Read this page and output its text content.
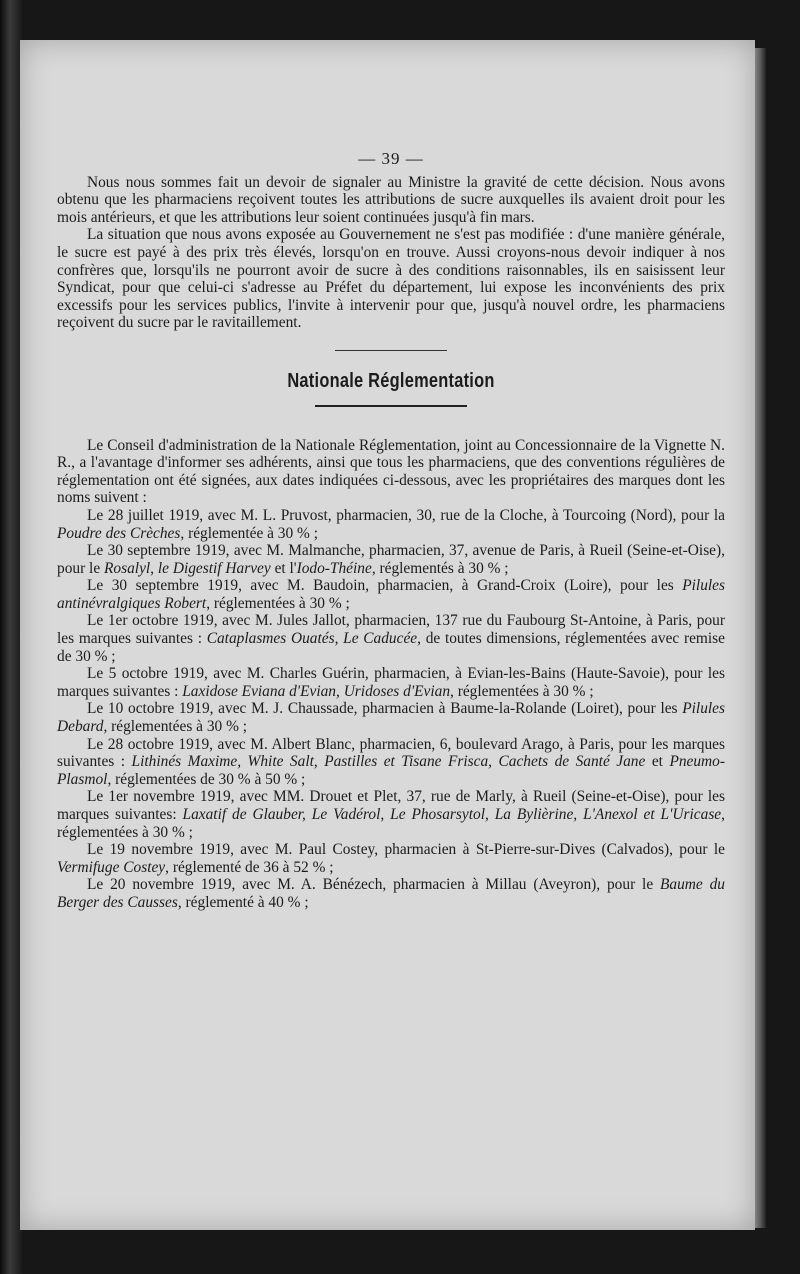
— 39 —

Nous nous sommes fait un devoir de signaler au Ministre la gravité de cette décision. Nous avons obtenu que les pharmaciens reçoivent toutes les attributions de sucre auxquelles ils avaient droit pour les mois antérieurs, et que les attributions leur soient continuées jusqu'à fin mars.

La situation que nous avons exposée au Gouvernement ne s'est pas modifiée : d'une manière générale, le sucre est payé à des prix très élevés, lorsqu'on en trouve. Aussi croyons-nous devoir indiquer à nos confrères que, lorsqu'ils ne pourront avoir de sucre à des conditions raisonnables, ils en saisissent leur Syndicat, pour que celui-ci s'adresse au Préfet du département, lui expose les inconvénients des prix excessifs pour les services publics, l'invite à intervenir pour que, jusqu'à nouvel ordre, les pharmaciens reçoivent du sucre par le ravitaillement.

Nationale Réglementation

Le Conseil d'administration de la Nationale Réglementation, joint au Concessionnaire de la Vignette N. R., a l'avantage d'informer ses adhérents, ainsi que tous les pharmaciens, que des conventions régulières de réglementation ont été signées, aux dates indiquées ci-dessous, avec les propriétaires des marques dont les noms suivent :

Le 28 juillet 1919, avec M. L. Pruvost, pharmacien, 30, rue de la Cloche, à Tourcoing (Nord), pour la Poudre des Crèches, réglementée à 30 % ;

Le 30 septembre 1919, avec M. Malmanche, pharmacien, 37, avenue de Paris, à Rueil (Seine-et-Oise), pour le Rosalyl, le Digestif Harvey et l'Iodo-Théine, réglementés à 30 % ;

Le 30 septembre 1919, avec M. Baudoin, pharmacien, à Grand-Croix (Loire), pour les Pilules antinévralgiques Robert, réglementées à 30 % ;

Le 1er octobre 1919, avec M. Jules Jallot, pharmacien, 137 rue du Faubourg St-Antoine, à Paris, pour les marques suivantes : Cataplasmes Ouatés, Le Caducée, de toutes dimensions, réglementées avec remise de 30 % ;

Le 5 octobre 1919, avec M. Charles Guérin, pharmacien, à Evian-les-Bains (Haute-Savoie), pour les marques suivantes : Laxidose Eviana d'Evian, Uridoses d'Evian, réglementées à 30 % ;

Le 10 octobre 1919, avec M. J. Chaussade, pharmacien à Baume-la-Rolande (Loiret), pour les Pilules Debard, réglementées à 30 % ;

Le 28 octobre 1919, avec M. Albert Blanc, pharmacien, 6, boulevard Arago, à Paris, pour les marques suivantes : Lithinés Maxime, White Salt, Pastilles et Tisane Frisca, Cachets de Santé Jane et Pneumo-Plasmol, réglementées de 30 % à 50 % ;

Le 1er novembre 1919, avec MM. Drouet et Plet, 37, rue de Marly, à Rueil (Seine-et-Oise), pour les marques suivantes: Laxatif de Glauber, Le Vadérol, Le Phosarsytol, La Bylièrine, L'Anexol et L'Uricase, réglementées à 30 % ;

Le 19 novembre 1919, avec M. Paul Costey, pharmacien à St-Pierre-sur-Dives (Calvados), pour le Vermifuge Costey, réglementé de 36 à 52 % ;

Le 20 novembre 1919, avec M. A. Bénézech, pharmacien à Millau (Aveyron), pour le Baume du Berger des Causses, réglementé à 40 % ;
